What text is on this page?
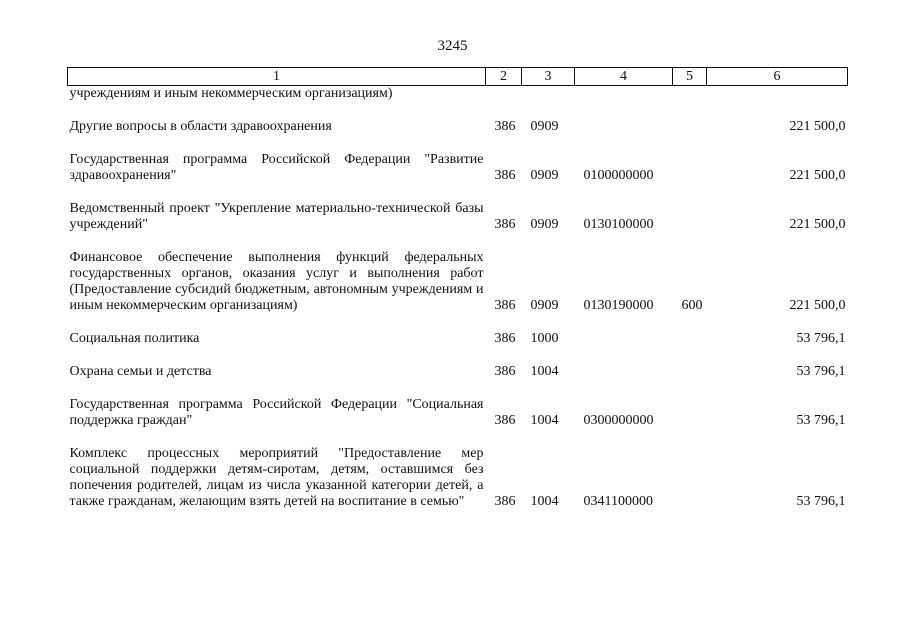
3245
1	2	3	4	5	6
учреждениям и иным некоммерческим организациям)					
Другие вопросы в области здравоохранения	386	0909			221 500,0
Государственная программа Российской Федерации "Развитие здравоохранения"	386	0909	0100000000		221 500,0
Ведомственный проект "Укрепление материально-технической базы учреждений"	386	0909	0130100000		221 500,0
Финансовое обеспечение выполнения функций федеральных государственных органов, оказания услуг и выполнения работ (Предоставление субсидий бюджетным, автономным учреждениям и иным некоммерческим организациям)	386	0909	0130190000	600	221 500,0
Социальная политика	386	1000			53 796,1
Охрана семьи и детства	386	1004			53 796,1
Государственная программа Российской Федерации "Социальная поддержка граждан"	386	1004	0300000000		53 796,1
Комплекс процессных мероприятий "Предоставление мер социальной поддержки детям-сиротам, детям, оставшимся без попечения родителей, лицам из числа указанной категории детей, а также гражданам, желающим взять детей на воспитание в семью"	386	1004	0341100000		53 796,1
